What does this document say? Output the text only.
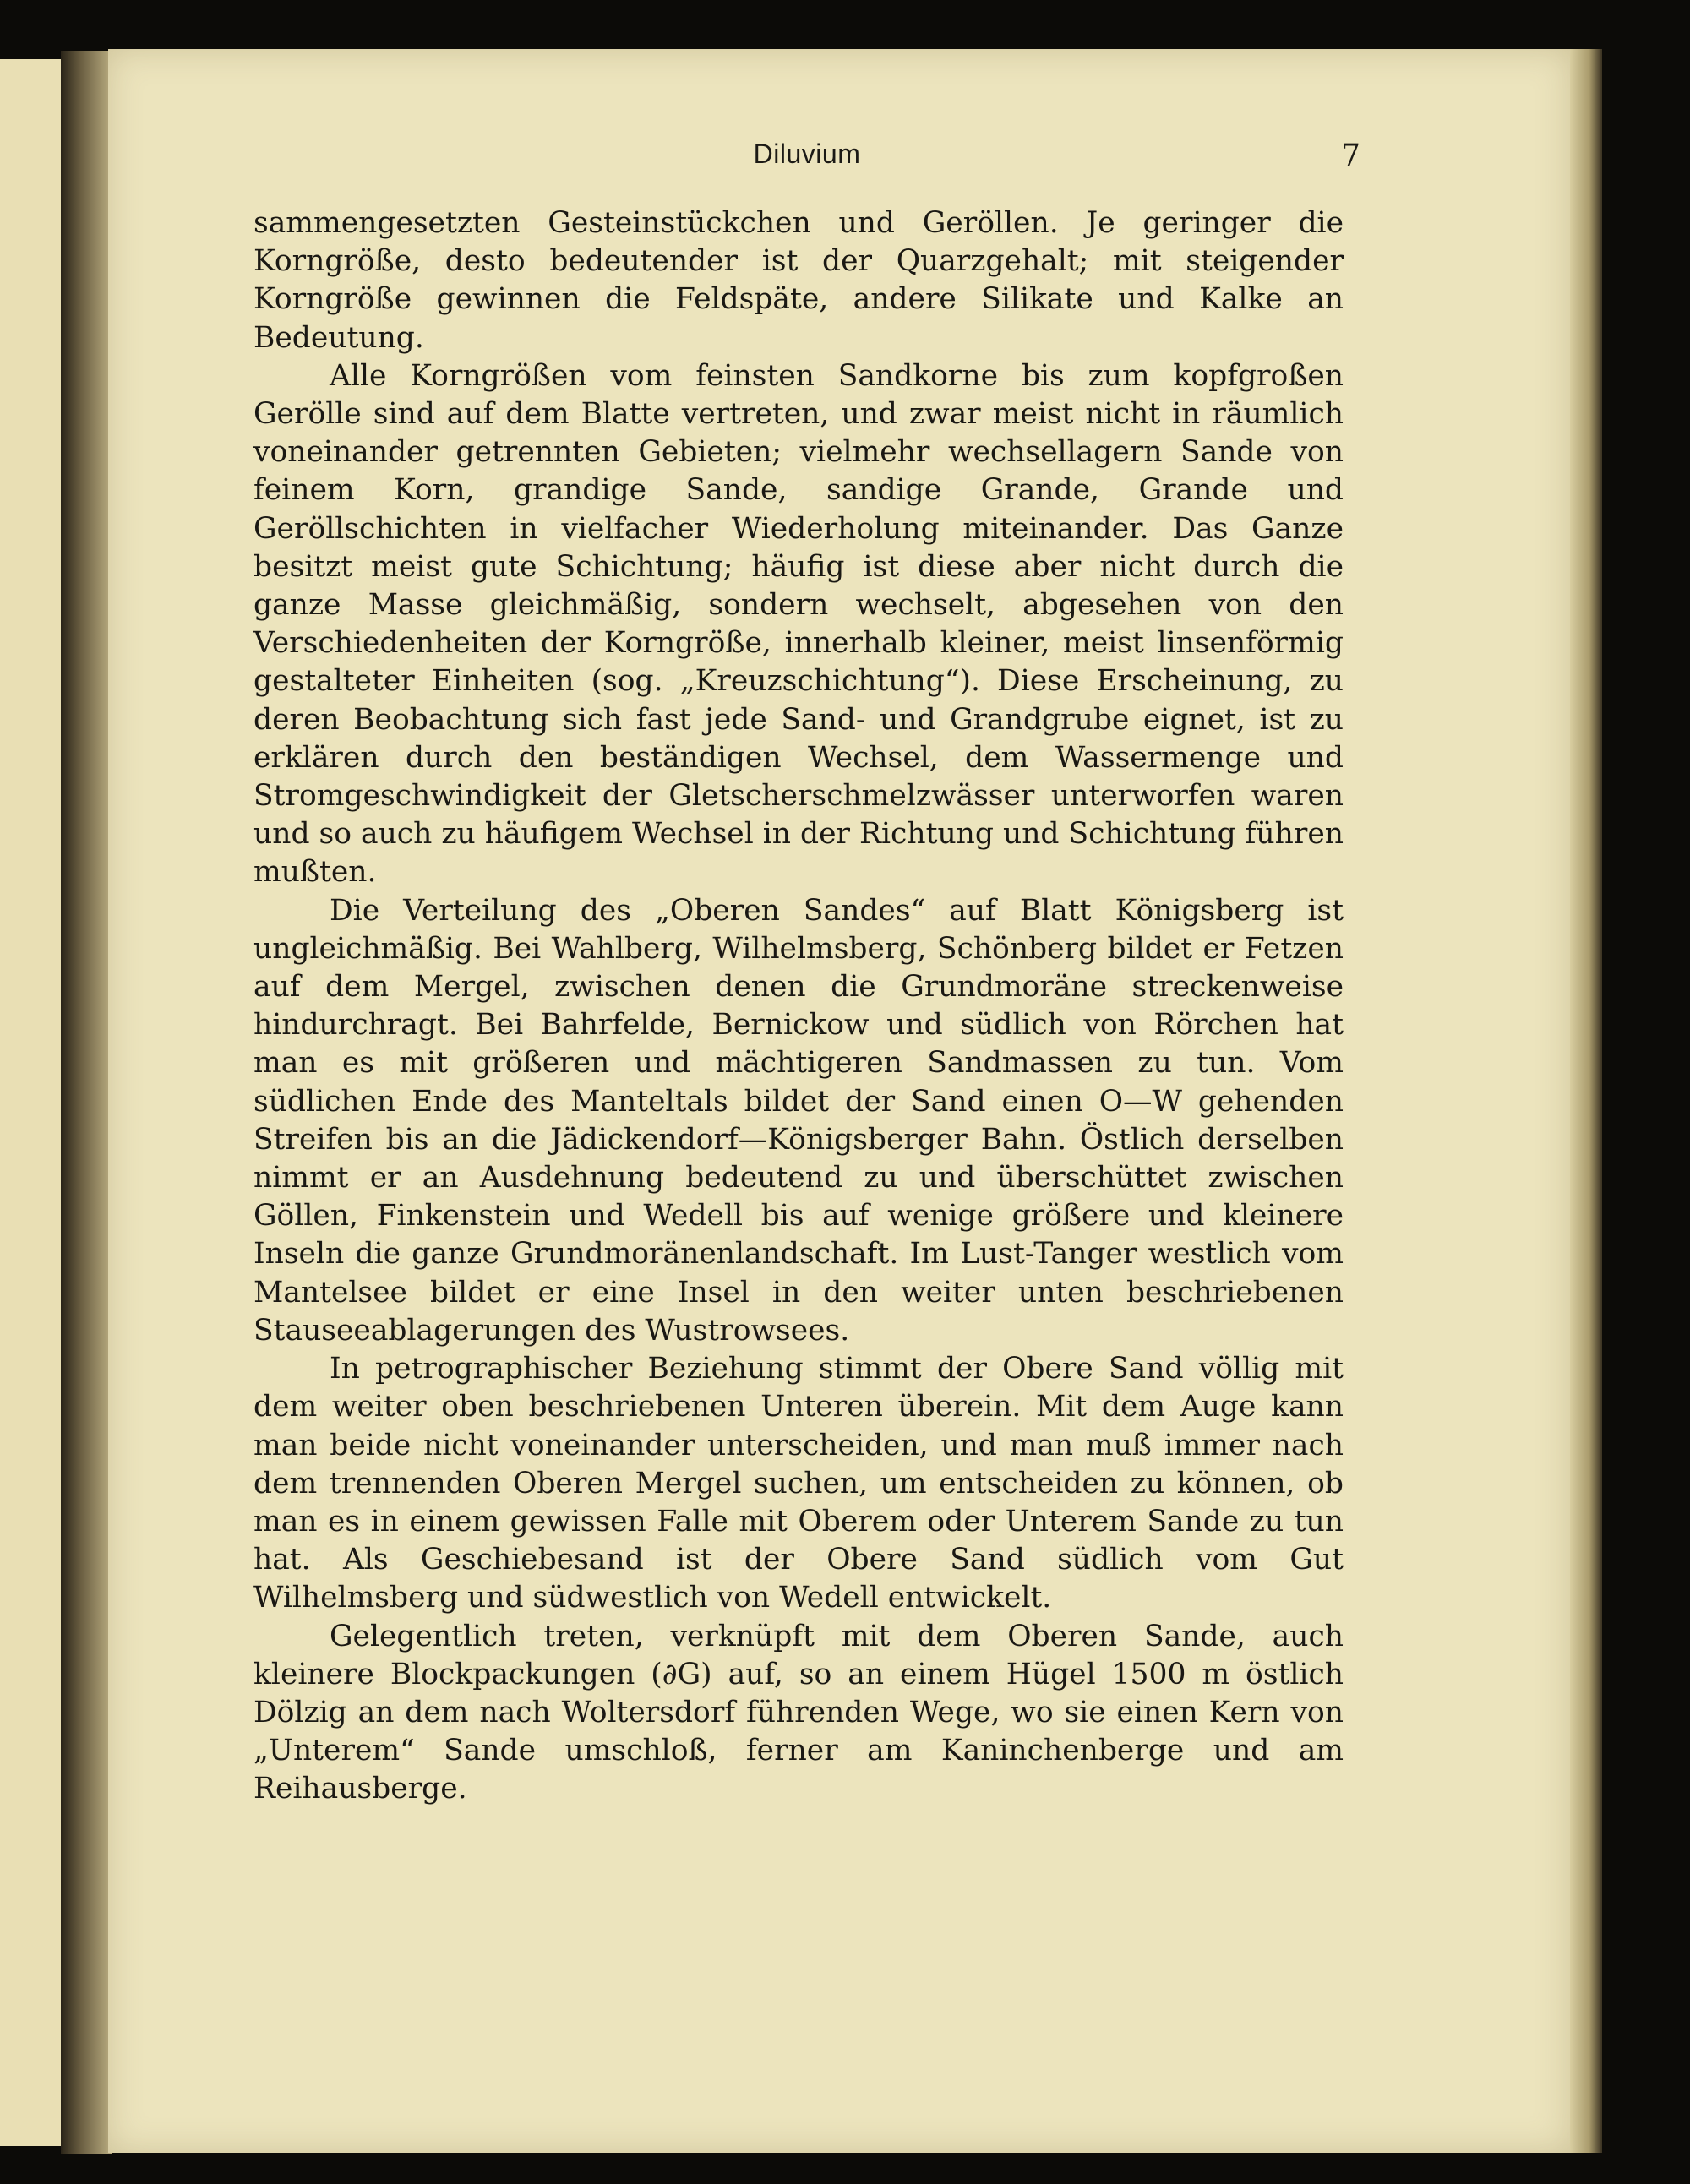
Diluvium	7

sammengesetzten Gesteinstückchen und Geröllen. Je geringer die Korngröße, desto bedeutender ist der Quarzgehalt; mit steigender Korngröße gewinnen die Feldspäte, andere Silikate und Kalke an Bedeutung.

Alle Korngrößen vom feinsten Sandkorne bis zum kopfgroßen Gerölle sind auf dem Blatte vertreten, und zwar meist nicht in räumlich voneinander getrennten Gebieten; vielmehr wechsellagern Sande von feinem Korn, grandige Sande, sandige Grande, Grande und Geröllschichten in vielfacher Wiederholung miteinander. Das Ganze besitzt meist gute Schichtung; häufig ist diese aber nicht durch die ganze Masse gleichmäßig, sondern wechselt, abgesehen von den Verschiedenheiten der Korngröße, innerhalb kleiner, meist linsenförmig gestalteter Einheiten (sog. „Kreuzschichtung“). Diese Erscheinung, zu deren Beobachtung sich fast jede Sand- und Grandgrube eignet, ist zu erklären durch den beständigen Wechsel, dem Wassermenge und Stromgeschwindigkeit der Gletscherschmelzwässer unterworfen waren und so auch zu häufigem Wechsel in der Richtung und Schichtung führen mußten.

Die Verteilung des „Oberen Sandes“ auf Blatt Königsberg ist ungleichmäßig. Bei Wahlberg, Wilhelmsberg, Schönberg bildet er Fetzen auf dem Mergel, zwischen denen die Grundmoräne streckenweise hindurchragt. Bei Bahrfelde, Bernickow und südlich von Rörchen hat man es mit größeren und mächtigeren Sandmassen zu tun. Vom südlichen Ende des Manteltals bildet der Sand einen O—W gehenden Streifen bis an die Jädickendorf—Königsberger Bahn. Östlich derselben nimmt er an Ausdehnung bedeutend zu und überschüttet zwischen Göllen, Finkenstein und Wedell bis auf wenige größere und kleinere Inseln die ganze Grundmoränenlandschaft. Im Lust-Tanger westlich vom Mantelsee bildet er eine Insel in den weiter unten beschriebenen Stauseeablagerungen des Wustrowsees.

In petrographischer Beziehung stimmt der Obere Sand völlig mit dem weiter oben beschriebenen Unteren überein. Mit dem Auge kann man beide nicht voneinander unterscheiden, und man muß immer nach dem trennenden Oberen Mergel suchen, um entscheiden zu können, ob man es in einem gewissen Falle mit Oberem oder Unterem Sande zu tun hat. Als Geschiebesand ist der Obere Sand südlich vom Gut Wilhelmsberg und südwestlich von Wedell entwickelt.

Gelegentlich treten, verknüpft mit dem Oberen Sande, auch kleinere Blockpackungen (∂G) auf, so an einem Hügel 1500 m östlich Dölzig an dem nach Woltersdorf führenden Wege, wo sie einen Kern von „Unterem“ Sande umschloß, ferner am Kaninchenberge und am Reihausberge.
